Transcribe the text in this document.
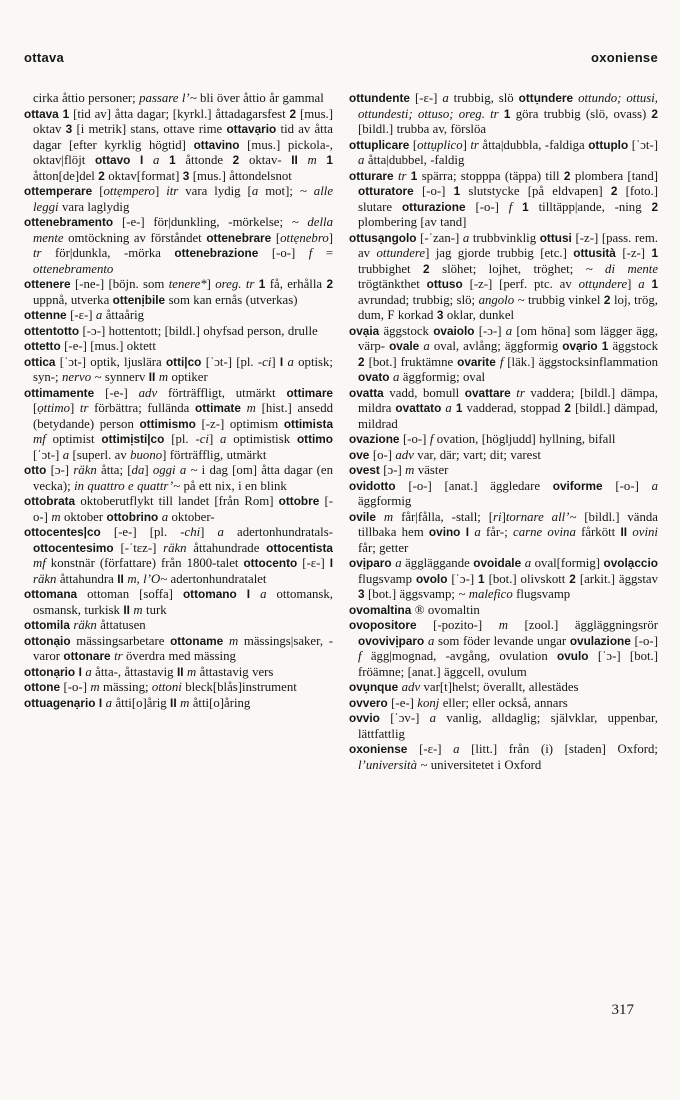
ottava	oxoniense

cirka åttio personer; passare l’~ bli över åttio år gammal

ottava 1 [tid av] åtta dagar; [kyrkl.] åttadagarsfest 2 [mus.] oktav 3 [i metrik] stans, ottave rime ottavạrio tid av åtta dagar [efter kyrklig högtid] ottavino [mus.] pickola-, oktav|flöjt ottavo I a 1 åttonde 2 oktav- II m 1 åtton[de]del 2 oktav[format] 3 [mus.] åttondelsnot

ottemperare [ottẹmpero] itr vara lydig [a mot]; ~ alle leggi vara laglydig

ottenebramento [-e-] för|dunkling, -mörkelse; ~ della mente omtöckning av förståndet ottenebrare [ottẹnebro] tr för|dunkla, -mörka ottenebrazione [-o-] f = ottenebramento

ottenere [-ne-] [böjn. som tenere*] oreg. tr 1 få, erhålla 2 uppnå, utverka ottenịbile som kan ernås (utverkas)

ottenne [-ɛ-] a åttaårig

ottentotto [-ɔ-] hottentott; [bildl.] ohyfsad person, drulle

ottetto [-e-] [mus.] oktett

ottica [ˈɔt-] optik, ljuslära otti|co [ˈɔt-] [pl. -ci] I a optisk; syn-; nervo ~ synnerv II m optiker

ottimamente [-e-] adv förträffligt, utmärkt ottimare [ọttimo] tr förbättra; fullända ottimate m [hist.] ansedd (betydande) person ottimismo [-z-] optimism ottimista mf optimist ottimịsti|co [pl. -ci] a optimistisk ottimo [ˈɔt-] a [superl. av buono] förträfflig, utmärkt

otto [ɔ-] räkn åtta; [da] oggi a ~ i dag [om] åtta dagar (en vecka); in quattro e quattr’~ på ett nix, i en blink

ottobrata oktoberutflykt till landet [från Rom] ottobre [-o-] m oktober ottobrino a oktober-

ottocentes|co [-e-] [pl. -chi] a adertonhundratals- ottocentesimo [-ˈtɛz-] räkn åttahundrade ottocentista mf konstnär (författare) från 1800-talet ottocento [-ɛ-] I räkn åttahundra II m, l’O~ adertonhundratalet

ottomana ottoman [soffa] ottomano I a ottomansk, osmansk, turkisk II m turk

ottomila räkn åttatusen

ottonạio mässingsarbetare ottoname m mässings|saker, -varor ottonare tr överdra med mässing

ottonạrio I a åtta-, åttastavig II m åttastavig vers

ottone [-o-] m mässing; ottoni bleck[blås]instrument

ottuagenạrio I a åtti[o]årig II m åtti[o]åring

ottundente [-ɛ-] a trubbig, slö ottụndere ottundo; ottusi, ottundesti; ottuso; oreg. tr 1 göra trubbig (slö, ovass) 2 [bildl.] trubba av, förslöa

ottuplicare [ottụplico] tr åtta|dubbla, -faldiga ottuplo [ˈɔt-] a åtta|dubbel, -faldig

otturare tr 1 spärra; stopppa (täppa) till 2 plombera [tand] otturatore [-o-] 1 slutstycke [på eldvapen] 2 [foto.] slutare otturazione [-o-] f 1 tilltäpp|ande, -ning 2 plombering [av tand]

ottusạngolo [-ˈzan-] a trubbvinklig ottusi [-z-] [pass. rem. av ottundere] jag gjorde trubbig [etc.] ottusità [-z-] 1 trubbighet 2 slöhet; lojhet, tröghet; ~ di mente trögtänkthet ottuso [-z-] [perf. ptc. av ottụndere] a 1 avrundad; trubbig; slö; angolo ~ trubbig vinkel 2 loj, trög, dum, F korkad 3 oklar, dunkel

ovạia äggstock ovaiolo [-ɔ-] a [om höna] som lägger ägg, värp- ovale a oval, avlång; äggformig ovạrio 1 äggstock 2 [bot.] fruktämne ovarite f [läk.] äggstocksinflammation ovato a äggformig; oval

ovatta vadd, bomull ovattare tr vaddera; [bildl.] dämpa, mildra ovattato a 1 vadderad, stoppad 2 [bildl.] dämpad, mildrad

ovazione [-o-] f ovation, [högljudd] hyllning, bifall

ove [o-] adv var, där; vart; dit; varest

ovest [ɔ-] m väster

ovidotto [-o-] [anat.] äggledare oviforme [-o-] a äggformig

ovile m får|fålla, -stall; [ri]tornare all’~ [bildl.] vända tillbaka hem ovino I a får-; carne ovina fårkött II ovini får; getter

ovịparo a äggläggande ovoidale a oval[formig] ovolạccio flugsvamp ovolo [ˈɔ-] 1 [bot.] olivskott 2 [arkit.] äggstav 3 [bot.] äggsvamp; ~ malefico flugsvamp

ovomaltina ® ovomaltin

ovopositore [-pozito-] m [zool.] äggläggningsrör ovovivịparo a som föder levande ungar ovulazione [-o-] f ägg|mognad, -avgång, ovulation ovulo [ˈɔ-] [bot.] fröämne; [anat.] äggcell, ovulum

ovụnque adv var[t]helst; överallt, allestädes

ovvero [-e-] konj eller; eller också, annars

ovvio [ˈɔv-] a vanlig, alldaglig; självklar, uppenbar, lättfattlig

oxoniense [-ɛ-] a [litt.] från (i) [staden] Oxford; l’università ~ universitetet i Oxford

317
